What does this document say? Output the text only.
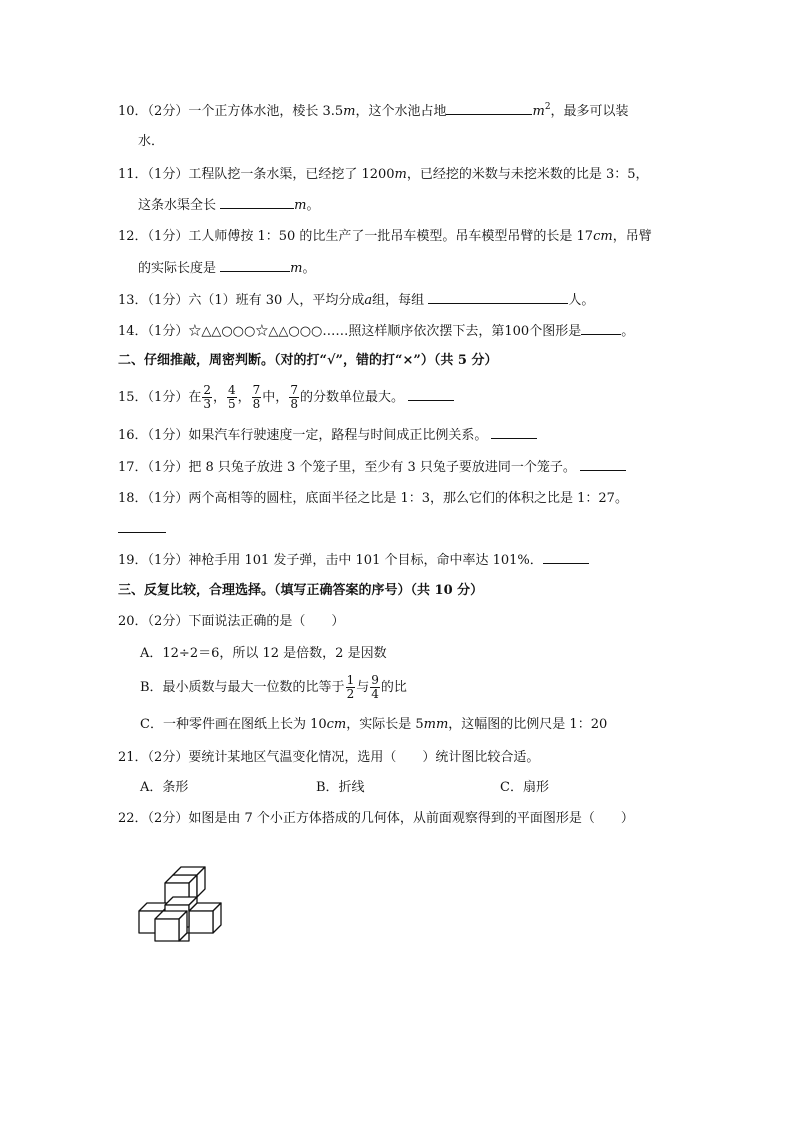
10．（2分）一个正方体水池，棱长 3.5m，这个水池占地	$m^2$，最多可以装
水．
11．（1分）工程队挖一条水渠，已经挖了 1200m，已经挖的米数与未挖米数的比是 3：5，
这条水渠全长	m。
12．（1分）工人师傅按 1：50 的比生产了一批吊车模型。吊车模型吊臂的长是 17cm，吊臂
的实际长度是	m。
13．（1分）六（1）班有 30 人，平均分成a组，每组	人。
14．（1分）☆△△○○○☆△△○○○……照这样顺序依次摆下去，第100个图形是	。
二、仔细推敲，周密判断。（对的打“√”，错的打“×”）（共 5 分）
15．（1分）在 $\frac{2}{3}$ ， $\frac{4}{5}$ ， $\frac{7}{8}$ 中， $\frac{7}{8}$ 的分数单位最大。
16．（1分）如果汽车行驶速度一定，路程与时间成正比例关系。
17．（1分）把 8 只兔子放进 3 个笼子里，至少有 3 只兔子要放进同一个笼子。
18．（1分）两个高相等的圆柱，底面半径之比是 1：3，那么它们的体积之比是 1：27。
19．（1分）神枪手用 101 发子弹，击中 101 个目标，命中率达 101%．
三、反复比较，合理选择。（填写正确答案的序号）（共 10 分）
20．（2分）下面说法正确的是（　　）
A．12÷2＝6，所以 12 是倍数，2 是因数
B．最小质数与最大一位数的比等于 $\frac{1}{2}$ 与 $\frac{9}{4}$ 的比
C．一种零件画在图纸上长为 10cm，实际长是 5mm，这幅图的比例尺是 1：20
21．（2分）要统计某地区气温变化情况，选用（　　）统计图比较合适。
A．条形	B．折线	C．扇形
22．（2分）如图是由 7 个小正方体搭成的几何体，从前面观察得到的平面图形是（　　）
